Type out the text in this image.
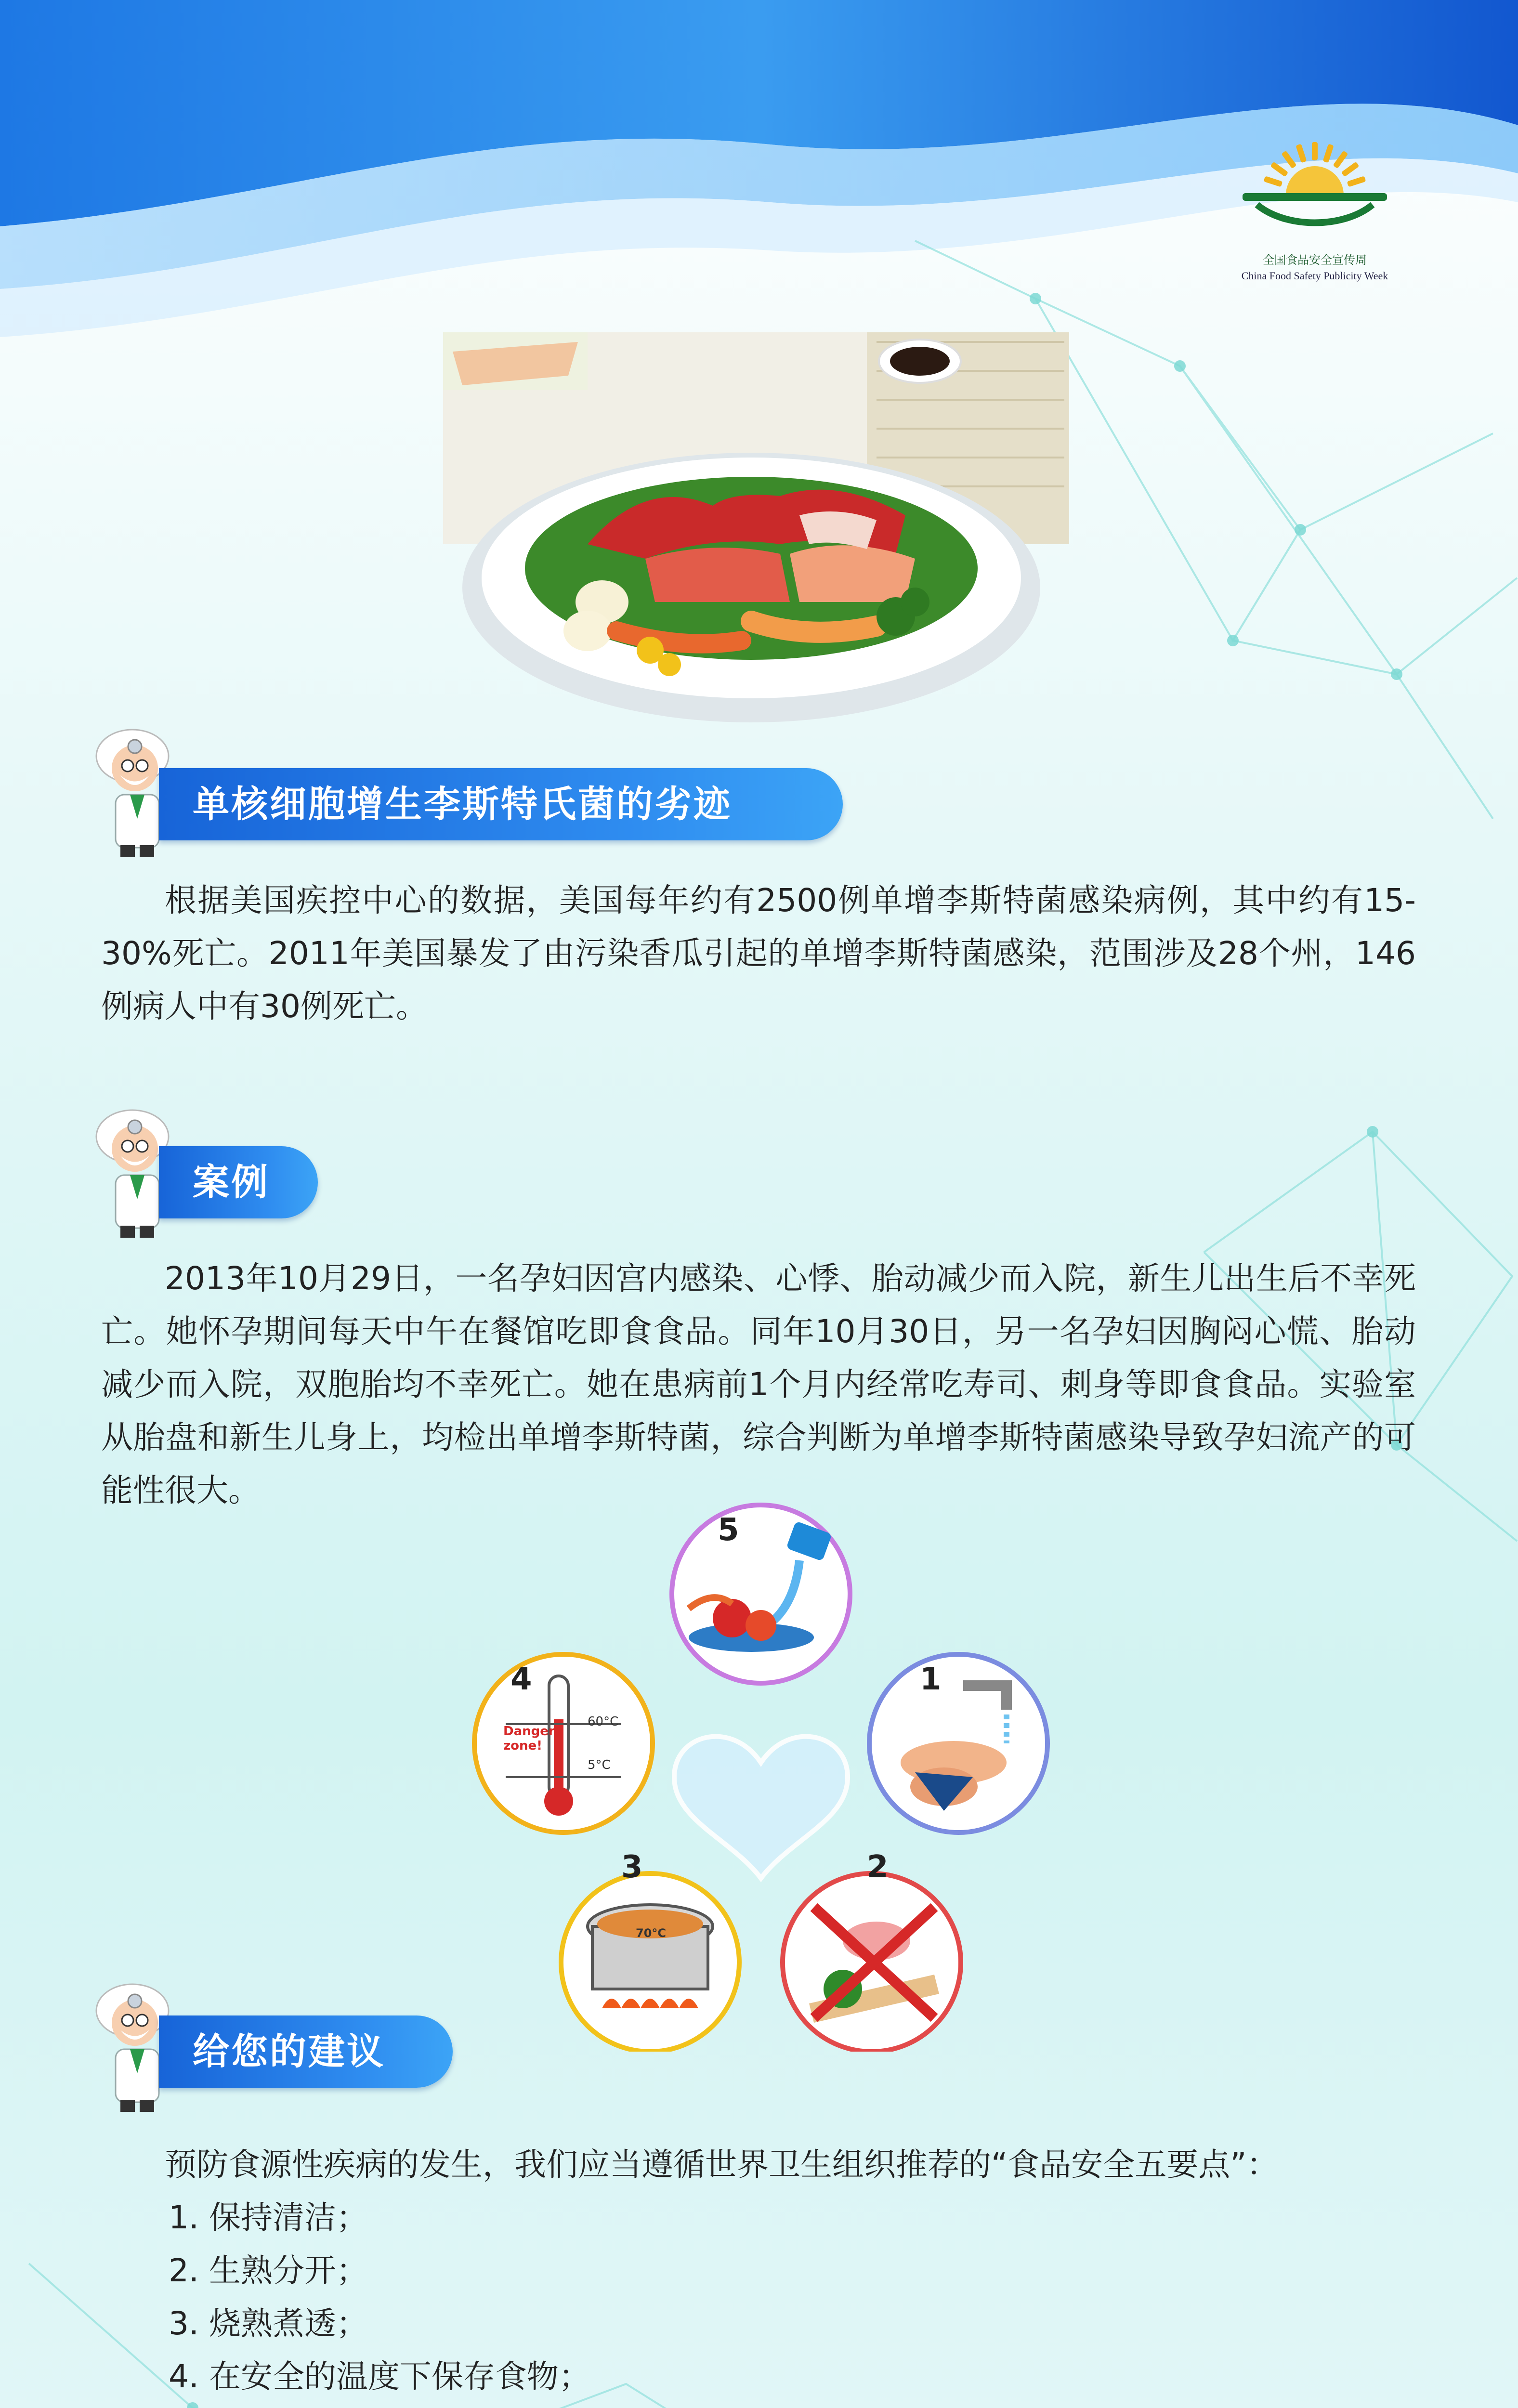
全国食品安全宣传周
China Food Safety Publicity Week
单核细胞增生李斯特氏菌的劣迹

根据美国疾控中心的数据，美国每年约有2500例单增李斯特菌感染病例，其中约有15-30%死亡。2011年美国暴发了由污染香瓜引起的单增李斯特菌感染，范围涉及28个州，146例病人中有30例死亡。

案例

2013年10月29日，一名孕妇因宫内感染、心悸、胎动减少而入院，新生儿出生后不幸死亡。她怀孕期间每天中午在餐馆吃即食食品。同年10月30日，另一名孕妇因胸闷心慌、胎动减少而入院，双胞胎均不幸死亡。她在患病前1个月内经常吃寿司、刺身等即食食品。实验室从胎盘和新生儿身上，均检出单增李斯特菌，综合判断为单增李斯特菌感染导致孕妇流产的可能性很大。

5
1
2
3
70°C
4
Danger zone!
60°C
5°C
给您的建议

预防食源性疾病的发生，我们应当遵循世界卫生组织推荐的“食品安全五要点”：

1. 保持清洁；
2. 生熟分开；
3. 烧熟煮透；
4. 在安全的温度下保存食物；
